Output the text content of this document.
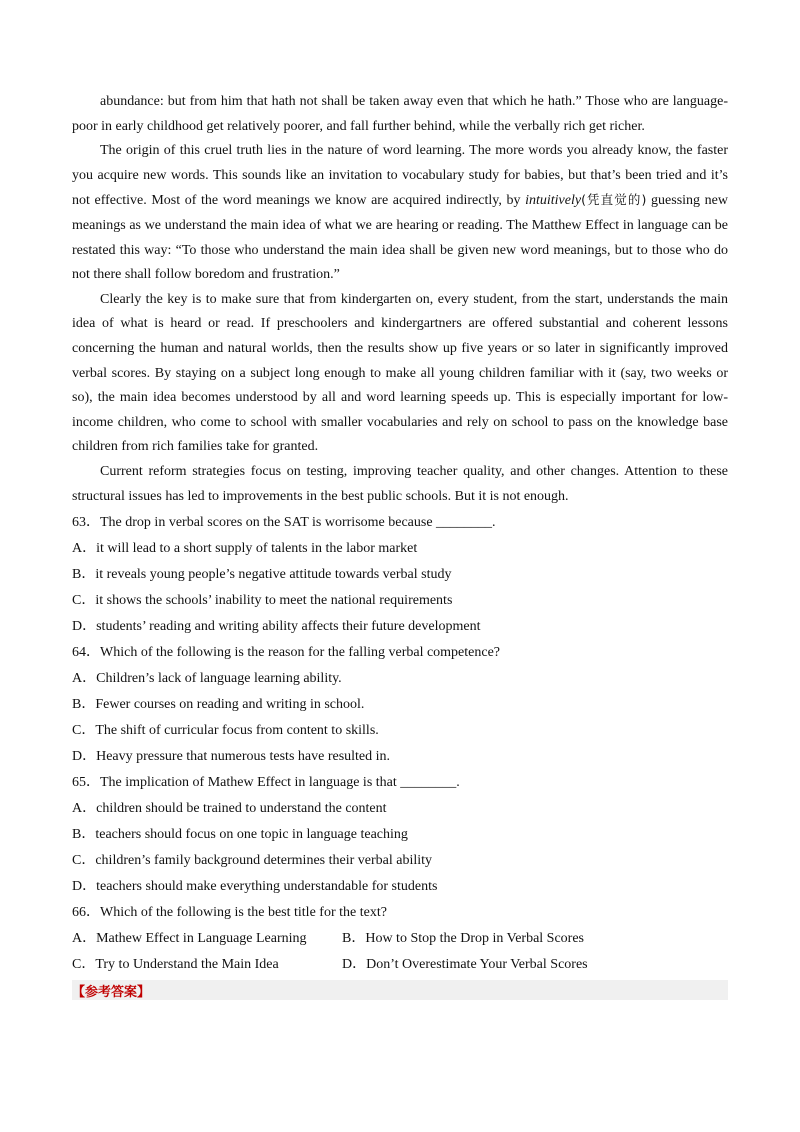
abundance: but from him that hath not shall be taken away even that which he hath.” Those who are language-poor in early childhood get relatively poorer, and fall further behind, while the verbally rich get richer.

The origin of this cruel truth lies in the nature of word learning. The more words you already know, the faster you acquire new words. This sounds like an invitation to vocabulary study for babies, but that’s been tried and it’s not effective. Most of the word meanings we know are acquired indirectly, by intuitively(凭直觉的) guessing new meanings as we understand the main idea of what we are hearing or reading. The Matthew Effect in language can be restated this way: “To those who understand the main idea shall be given new word meanings, but to those who do not there shall follow boredom and frustration.”

Clearly the key is to make sure that from kindergarten on, every student, from the start, understands the main idea of what is heard or read. If preschoolers and kindergartners are offered substantial and coherent lessons concerning the human and natural worlds, then the results show up five years or so later in significantly improved verbal scores. By staying on a subject long enough to make all young children familiar with it (say, two weeks or so), the main idea becomes understood by all and word learning speeds up. This is especially important for low-income children, who come to school with smaller vocabularies and rely on school to pass on the knowledge base children from rich families take for granted.

Current reform strategies focus on testing, improving teacher quality, and other changes. Attention to these structural issues has led to improvements in the best public schools. But it is not enough.

63．The drop in verbal scores on the SAT is worrisome because ________.
A．it will lead to a short supply of talents in the labor market
B．it reveals young people’s negative attitude towards verbal study
C．it shows the schools’ inability to meet the national requirements
D．students’ reading and writing ability affects their future development
64．Which of the following is the reason for the falling verbal competence?
A．Children’s lack of language learning ability.
B．Fewer courses on reading and writing in school.
C．The shift of curricular focus from content to skills.
D．Heavy pressure that numerous tests have resulted in.
65．The implication of Mathew Effect in language is that ________.
A．children should be trained to understand the content
B．teachers should focus on one topic in language teaching
C．children’s family background determines their verbal ability
D．teachers should make everything understandable for students
66．Which of the following is the best title for the text?
A．Mathew Effect in Language Learning	B．How to Stop the Drop in Verbal Scores
C．Try to Understand the Main Idea	D．Don’t Overestimate Your Verbal Scores
【参考答案】
